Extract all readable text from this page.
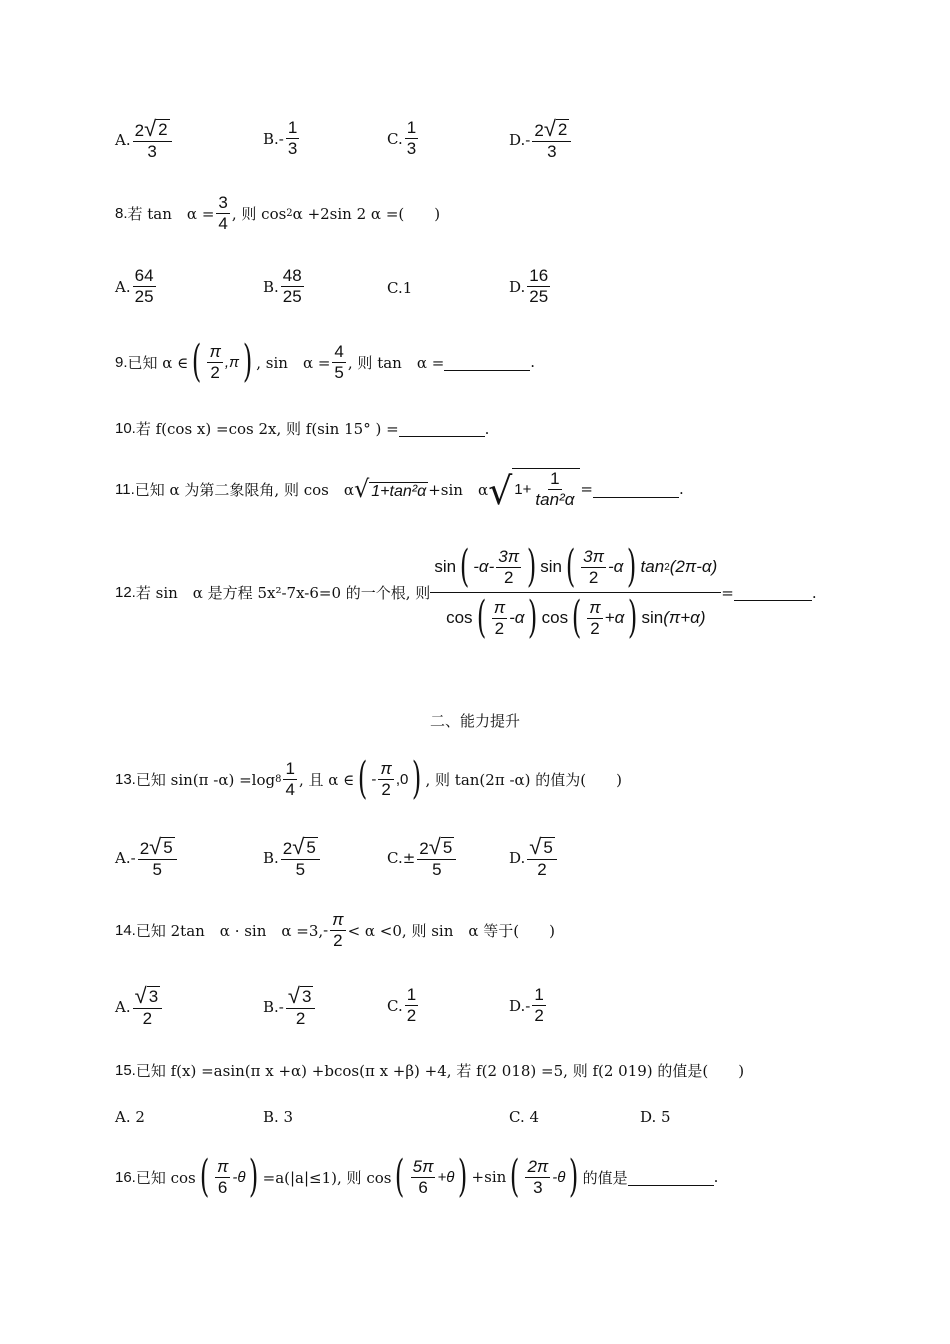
A. $\frac{2 √ 2}{3}$	B. - $\frac{1}{3}$	C. $\frac{1}{3}$	D. - $\frac{2 √ 2}{3}$
8. 若 tan　$\alpha = \frac{3}{4}$ , 则 cos 2 α +2sin 2 α =(　　)
A. $\frac{64}{25}$	B. $\frac{48}{25}$	C. 1	D. $\frac{16}{25}$
9. 已知 α ∈ ( $\frac{\pi}{2} ,\pi$ ) , sin　$\alpha = \frac{4}{5}$ , 则 tan　α =	.
10. 若 f(cos x) =cos 2x, 则 f(sin 15° ) =	.
11. 已知 α 为第二象限角, 则 cos　α √ 1+tan²α +sin　α √ $1+ \frac{1}{\text{tan²α}}$ =	.
12. 若 sin　α 是方程 5x²-7x-6=0 的一个根, 则
sin ( $-\alpha- \frac{3\pi}{2}$ ) sin ( $\frac{3\pi}{2} -\alpha$ ) tan 2 (2π-α)
cos ( $\frac{\pi}{2} -\alpha$ ) cos ( $\frac{\pi}{2} +\alpha$ ) sin (π+α)
=	.
二、能力提升
13. 已知 sin(π -α) =log $8 \frac{1}{4}$ , 且 α ∈ ( - $\frac{\pi}{2} ,0$ ) , 则 tan(2π -α) 的值为(　　)
A. - $\frac{2 √ 5}{5}$	B. $\frac{2 √ 5}{5}$	C. ± $\frac{2 √ 5}{5}$	D. $\frac{√ 5}{2}$
14. 已知 2tan　α · sin　α =3, - $\frac{\pi}{2} < \alpha <0$, 则 sin　α 等于(　　)
A. $\frac{√ 3}{2}$	B. - $\frac{√ 3}{2}$	C. $\frac{1}{2}$	D. - $\frac{1}{2}$
15. 已知 f(x) =asin(π x +α) +bcos(π x +β) +4, 若 f(2 018) =5, 则 f(2 019) 的值是(　　)
A. 2	B. 3	C. 4	D. 5
16. 已知 cos ( $\frac{\pi}{6} -\theta$ ) =a(|a|≤1), 则 cos ( $\frac{5\pi}{6} +\theta$ ) +sin ( $\frac{2\pi}{3} -\theta$ ) 的值是	.
